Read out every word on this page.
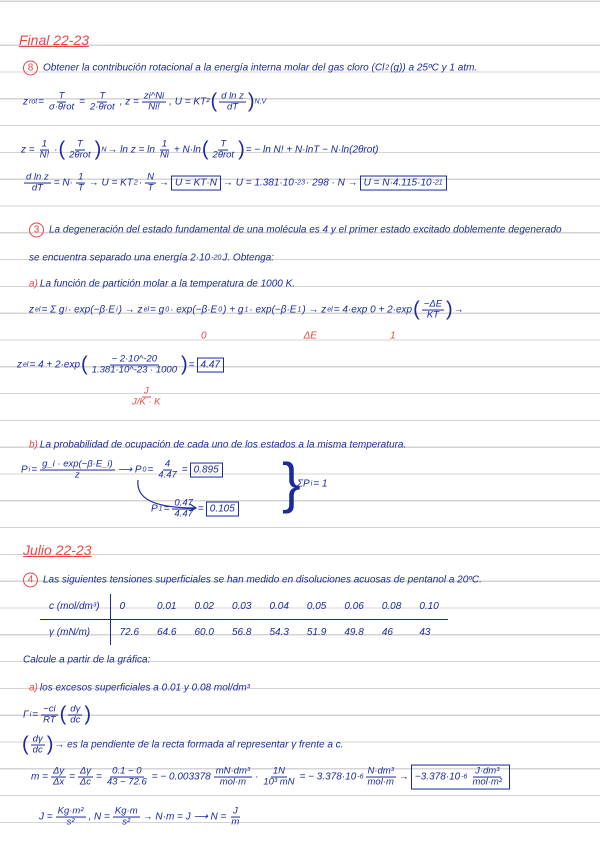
}
c (mol/dm³)	0	0.01	0.02	0.03	0.04	0.05	0.06	0.08	0.10
γ (mN/m)	72.6	64.6	60.0	56.8	54.3	51.9	49.8	46	43
Final 22-23
8 Obtener la contribución rotacional a la energía interna molar del gas cloro (Cl 2 (g)) a 25ºC y 1 atm.
z rot = $\frac{T}{\text{σ·θrot}} = \frac{T}{\text{2·θrot}}$ , $z = \frac{zi\^{}Ni}{Ni!}$ , U = KT² ( $\frac{\text{d ln z}}{dT}$ ) N,V
$z = \frac{1}{N!}$ · ( $\frac{T}{\text{2θrot}}$ ) $N \to \ln z = \ln \frac{1}{Ni} + N\cdot\ln$ ( $\frac{T}{\text{2θrot}}$ ) = − ln N! + N·lnT − N·ln(2θrot)
$\frac{\text{d ln z}}{dT} = N\cdot \frac{1}{T} \to U$ = KT $2 \cdot \frac{N}{T} \to U = KT\cdot N \to U = 1.381\cdot 10$ -23 · 298 · N → U = N·4.115·10 -21
3 La degeneración del estado fundamental de una molécula es 4 y el primer estado excitado doblemente degenerado
se encuentra separado una energía 2·10 -20 J. Obtenga:
a) La función de partición molar a la temperatura de 1000 K.
z el = Σ g i · exp(−β·E i ) → z el = g 0 · exp(−β·E 0 ) + g 1 · exp(−β·E 1 ) → z el = 4·exp 0 + 2·exp ( $\frac{-\Delta E}{KT}$ ) →
0	ΔE	1
z el = 4 + 2·exp ( $\frac{- 2\cdot 10\^{}-20}{1.381\cdot 10\^{}-23 \cdot 1000}$ ) = 4.47
$\frac{J}{J/K \cdot K}$
b) La probabilidad de ocupación de cada uno de los estados a la misma temperatura.
P $i = \frac{g\_i \cdot \exp(-\beta\cdot E\_i)}{z}$ ⟶ P $0 = \frac{4}{4.47} = 0.895$
P $1 = \frac{0.47}{4.47} = 0.105$
ΣP i = 1
Julio 22-23
4 Las siguientes tensiones superficiales se han medido en disoluciones acuosas de pentanol a 20ºC.
Calcule a partir de la gráfica:
a) los excesos superficiales a 0.01 y 0.08 mol/dm³
Γ $i = \frac{-ci}{RT}$ ( $\frac{d\gamma}{dc}$ )
( $\frac{d\gamma}{dc}$ ) → es la pendiente de la recta formada al representar γ frente a c.
$m = \frac{\Delta y}{\Delta x} = \frac{\Delta\gamma}{\Delta c} = \frac{0.1 - 0}{43 - 72.6}$ = − $0.003378 \frac{\text{mN·dm³}}{\text{mol·m}} \cdot \frac{1N}{\text{10³ mN}}$ = − 3.378·10 $-6 \frac{\text{N·dm³}}{\text{mol·m}} \to -3.378\cdot 10$ $-6 \frac{\text{J·dm³}}{\text{mol·m²}}$
$J = \frac{\text{Kg·m²}}{\text{s²}}$ , $N = \frac{Kg\cdot m}{\text{s²}} \to N\cdot m = J$ ⟶ $N = \frac{J}{m}$
